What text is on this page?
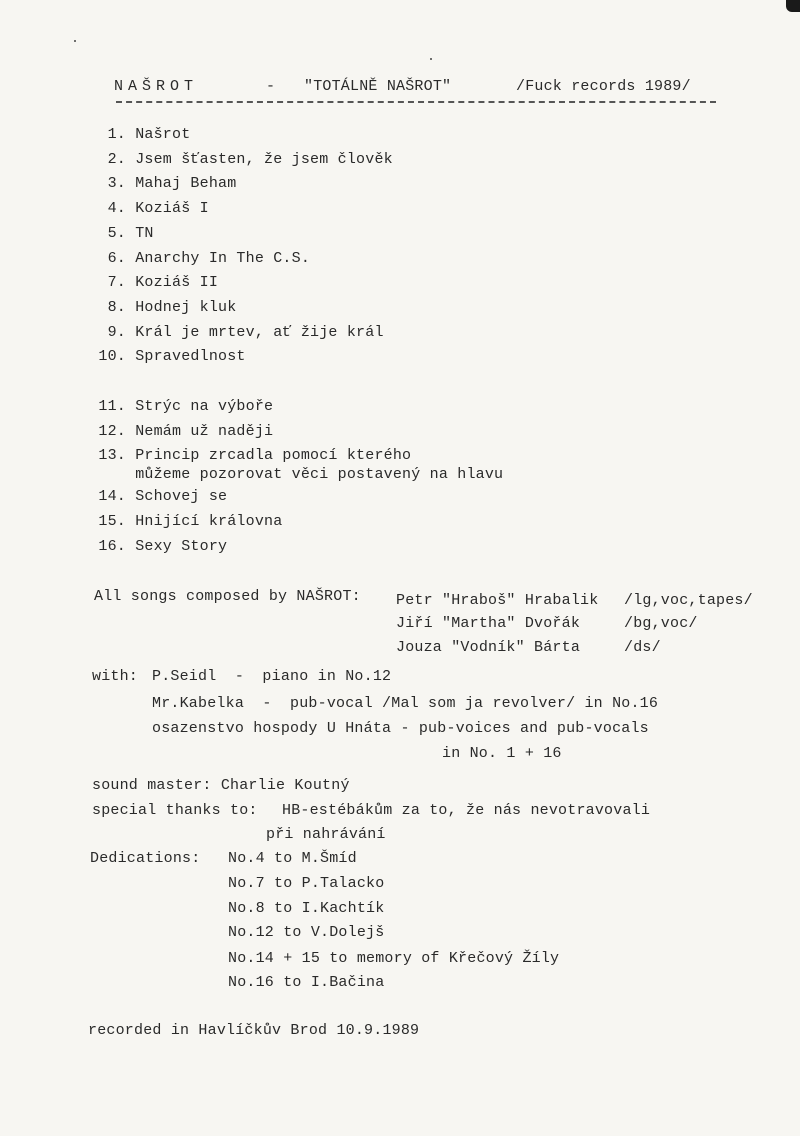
NAŠROT

	-

"TOTÁLNĚ NAŠROT"

	/Fuck records 1989/

1. Našrot
2. Jsem šťasten, že jsem člověk
3. Mahaj Beham
4. Koziáš I
5. TN
6. Anarchy In The C.S.
7. Koziáš II
8. Hodnej kluk
9. Král je mrtev, ať žije král
10. Spravedlnost
11. Strýc na výboře
12. Nemám už naději
13. Princip zrcadla pomocí kterého
můžeme pozorovat věci postavený na hlavu
14. Schovej se
15. Hnijící královna
16. Sexy Story
All songs composed by NAŠROT: Petr "Hraboš" Hrabalik /lg,voc,tapes/
Jiří "Martha" Dvořák	/bg,voc/
Jouza "Vodník" Bárta	/ds/
with: P.Seidl  -  piano in No.12
Mr.Kabelka  -  pub-vocal /Mal som ja revolver/ in No.16
osazenstvo hospody U Hnáta - pub-voices and pub-vocals
in No. 1 + 16
sound master: Charlie Koutný
special thanks to: HB-estébákům za to, že nás nevotravovali
při nahrávání
Dedications: No.4 to M.Šmíd
No.7 to P.Talacko
No.8 to I.Kachtík
No.12 to V.Dolejš
No.14 + 15 to memory of Křečový Žíly
No.16 to I.Bačina
recorded in Havlíčkův Brod 10.9.1989
